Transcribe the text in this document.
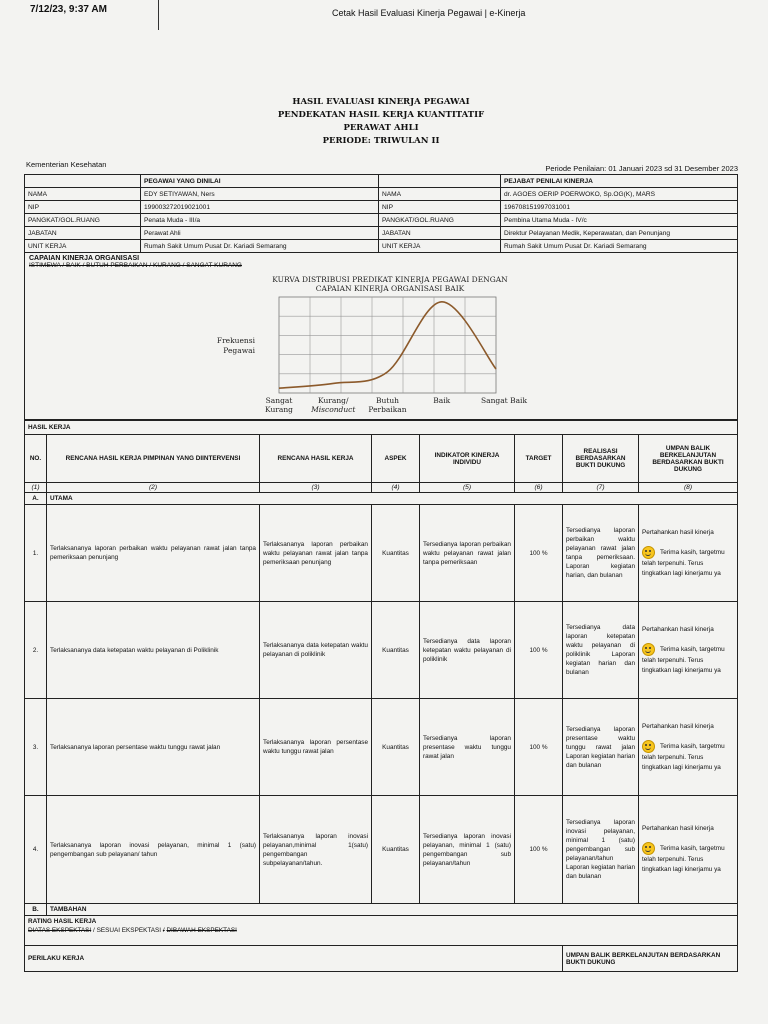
7/12/23, 9:37 AM	Cetak Hasil Evaluasi Kinerja Pegawai | e-Kinerja
HASIL EVALUASI KINERJA PEGAWAI
PENDEKATAN HASIL KERJA KUANTITATIF
PERAWAT AHLI
PERIODE: TRIWULAN II
Kementerian Kesehatan	Periode Penilaian: 01 Januari 2023 sd 31 Desember 2023
	PEGAWAI YANG DINILAI		PEJABAT PENILAI KINERJA
NAMA	EDY SETIYAWAN, Ners	NAMA	dr. AGOES OERIP POERWOKO, Sp.OG(K), MARS
NIP	199003272019021001	NIP	196708151997031001
PANGKAT/GOL.RUANG	Penata Muda - III/a	PANGKAT/GOL.RUANG	Pembina Utama Muda - IV/c
JABATAN	Perawat Ahli	JABATAN	Direktur Pelayanan Medik, Keperawatan, dan Penunjang
UNIT KERJA	Rumah Sakit Umum Pusat Dr. Kariadi Semarang	UNIT KERJA	Rumah Sakit Umum Pusat Dr. Kariadi Semarang
CAPAIAN KINERJA ORGANISASI
ISTIMEWA / BAIK / BUTUH PERBAIKAN / KURANG / SANGAT KURANG
KURVA DISTRIBUSI PREDIKAT KINERJA PEGAWAI DENGAN
CAPAIAN KINERJA ORGANISASI BAIK
Frekuensi
Pegawai
Sangat
Kurang
Kurang/
Misconduct
Butuh
Perbaikan
Baik	Sangat Baik
HASIL KERJA							
NO.	RENCANA HASIL KERJA PIMPINAN YANG DIINTERVENSI	RENCANA HASIL KERJA	ASPEK	INDIKATOR KINERJA INDIVIDU	TARGET	REALISASI BERDASARKAN BUKTI DUKUNG	UMPAN BALIK BERKELANJUTAN BERDASARKAN BUKTI DUKUNG
(1)	(2)	(3)	(4)	(5)	(6)	(7)	(8)
A.	UTAMA						
1.	Terlaksananya laporan perbaikan waktu pelayanan rawat jalan tanpa pemeriksaan penunjang	Terlaksananya laporan perbaikan waktu pelayanan rawat jalan tanpa pemeriksaan penunjang	Kuantitas	Tersedianya laporan perbaikan waktu pelayanan rawat jalan tanpa pemeriksaan	100 %	Tersedianya laporan perbaikan waktu pelayanan rawat jalan tanpa pemeriksaan. Laporan kegiatan harian, dan bulanan	Pertahankan hasil kinerja
Terima kasih, targetmu telah terpenuhi. Terus tingkatkan lagi kinerjamu ya

2.	Terlaksananya data ketepatan waktu pelayanan di Poliklinik	Terlaksananya data ketepatan waktu pelayanan di poliklinik	Kuantitas	Tersedianya data laporan ketepatan waktu pelayanan di poliklinik	100 %	Tersedianya data laporan ketepatan waktu pelayanan di poliklinik Laporan kegiatan harian dan bulanan	Pertahankan hasil kinerja
Terima kasih, targetmu telah terpenuhi. Terus tingkatkan lagi kinerjamu ya

3.	Terlaksananya laporan persentase waktu tunggu rawat jalan	Terlaksananya laporan persentase waktu tunggu rawat jalan	Kuantitas	Tersedianya laporan presentase waktu tunggu rawat jalan	100 %	Tersedianya laporan presentase waktu tunggu rawat jalan Laporan kegiatan harian dan bulanan	Pertahankan hasil kinerja
Terima kasih, targetmu telah terpenuhi. Terus tingkatkan lagi kinerjamu ya

4.	Terlaksananya laporan inovasi pelayanan, minimal 1 (satu) pengembangan sub pelayanan/ tahun	Terlaksananya laporan inovasi pelayanan,minimal 1(satu) pengembangan subpelayanan/tahun.	Kuantitas	Tersedianya laporan inovasi pelayanan, minimal 1 (satu) pengembangan sub pelayanan/tahun	100 %	Tersedianya laporan inovasi pelayanan, minimal 1 (satu) pengembangan sub pelayanan/tahun Laporan kegiatan harian dan bulanan	Pertahankan hasil kinerja
Terima kasih, targetmu telah terpenuhi. Terus tingkatkan lagi kinerjamu ya

B.	TAMBAHAN						

RATING HASIL KERJA
DIATAS EKSPEKTASI / SESUAI EKSPEKTASI / DIBAWAH EKSPEKTASI							

PERILAKU KERJA						UMPAN BALIK BERKELANJUTAN BERDASARKAN BUKTI DUKUNG	
